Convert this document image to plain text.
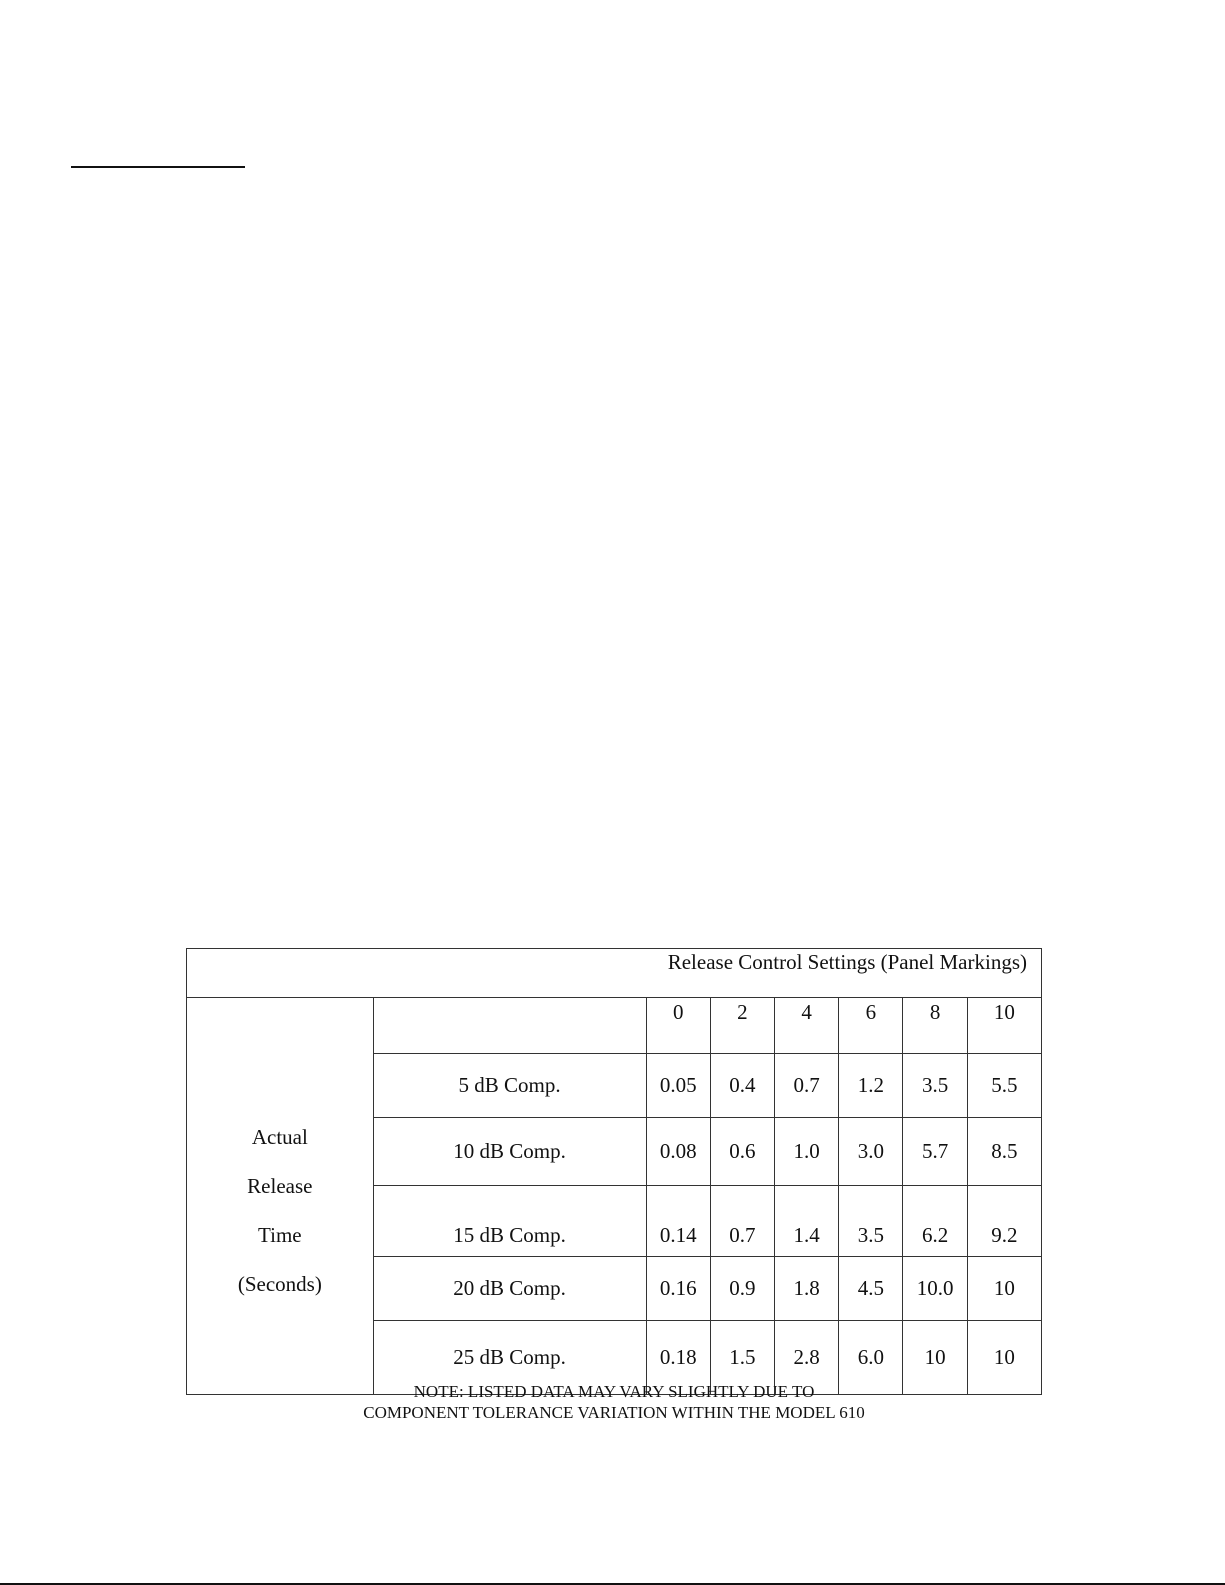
Release Control Settings (Panel Markings)							

Actual
Release
Time
(Seconds)		0	2	4	6	8	10
	5 dB Comp.	0.05	0.4	0.7	1.2	3.5	5.5
	10 dB Comp.	0.08	0.6	1.0	3.0	5.7	8.5
	15 dB Comp.	0.14	0.7	1.4	3.5	6.2	9.2
	20 dB Comp.	0.16	0.9	1.8	4.5	10.0	10
	25 dB Comp.	0.18	1.5	2.8	6.0	10	10
NOTE: LISTED DATA MAY VARY SLIGHTLY DUE TO
COMPONENT TOLERANCE VARIATION WITHIN THE MODEL 610
